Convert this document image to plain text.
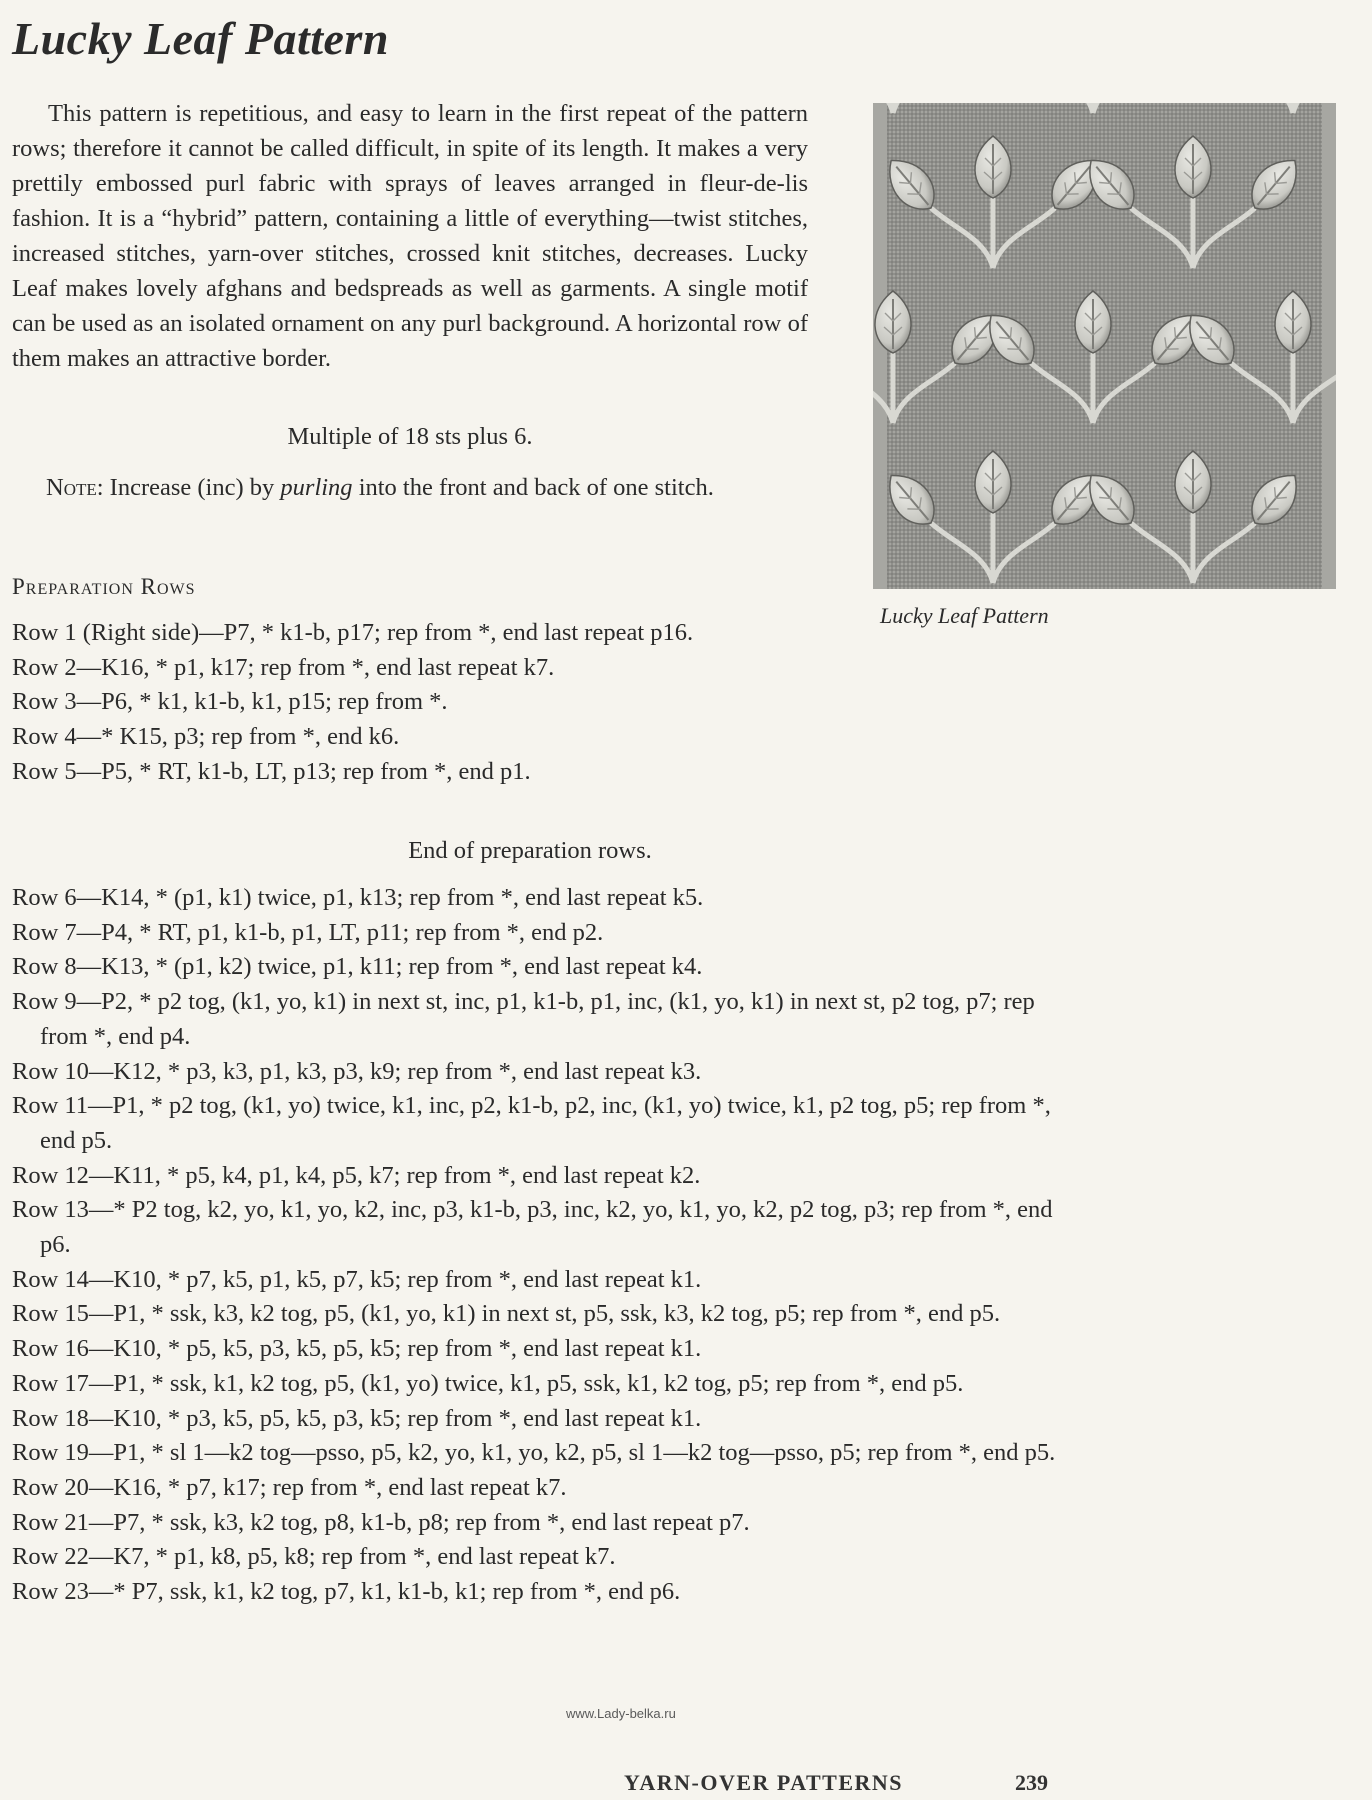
Lucky Leaf Pattern

This pattern is repetitious, and easy to learn in the first repeat of the pattern rows; therefore it cannot be called difficult, in spite of its length. It makes a very prettily embossed purl fabric with sprays of leaves arranged in fleur-de-lis fashion. It is a “hybrid” pattern, containing a little of everything—twist stitches, increased stitches, yarn-over stitches, crossed knit stitches, decreases. Lucky Leaf makes lovely afghans and bedspreads as well as garments. A single motif can be used as an isolated ornament on any purl background. A horizontal row of them makes an attractive border.

Multiple of 18 sts plus 6.

Note: Increase (inc) by purling into the front and back of one stitch.

Preparation Rows

Row 1 (Right side)—P7, * k1-b, p17; rep from *, end last repeat p16.
Row 2—K16, * p1, k17; rep from *, end last repeat k7.
Row 3—P6, * k1, k1-b, k1, p15; rep from *.
Row 4—* K15, p3; rep from *, end k6.
Row 5—P5, * RT, k1-b, LT, p13; rep from *, end p1.

End of preparation rows.

Row 6—K14, * (p1, k1) twice, p1, k13; rep from *, end last repeat k5.
Row 7—P4, * RT, p1, k1-b, p1, LT, p11; rep from *, end p2.
Row 8—K13, * (p1, k2) twice, p1, k11; rep from *, end last repeat k4.
Row 9—P2, * p2 tog, (k1, yo, k1) in next st, inc, p1, k1-b, p1, inc, (k1, yo, k1) in next st, p2 tog, p7; rep from *, end p4.
Row 10—K12, * p3, k3, p1, k3, p3, k9; rep from *, end last repeat k3.
Row 11—P1, * p2 tog, (k1, yo) twice, k1, inc, p2, k1-b, p2, inc, (k1, yo) twice, k1, p2 tog, p5; rep from *, end p5.
Row 12—K11, * p5, k4, p1, k4, p5, k7; rep from *, end last repeat k2.
Row 13—* P2 tog, k2, yo, k1, yo, k2, inc, p3, k1-b, p3, inc, k2, yo, k1, yo, k2, p2 tog, p3; rep from *, end p6.
Row 14—K10, * p7, k5, p1, k5, p7, k5; rep from *, end last repeat k1.
Row 15—P1, * ssk, k3, k2 tog, p5, (k1, yo, k1) in next st, p5, ssk, k3, k2 tog, p5; rep from *, end p5.
Row 16—K10, * p5, k5, p3, k5, p5, k5; rep from *, end last repeat k1.
Row 17—P1, * ssk, k1, k2 tog, p5, (k1, yo) twice, k1, p5, ssk, k1, k2 tog, p5; rep from *, end p5.
Row 18—K10, * p3, k5, p5, k5, p3, k5; rep from *, end last repeat k1.
Row 19—P1, * sl 1—k2 tog—psso, p5, k2, yo, k1, yo, k2, p5, sl 1—k2 tog—psso, p5; rep from *, end p5.
Row 20—K16, * p7, k17; rep from *, end last repeat k7.
Row 21—P7, * ssk, k3, k2 tog, p8, k1-b, p8; rep from *, end last repeat p7.
Row 22—K7, * p1, k8, p5, k8; rep from *, end last repeat k7.
Row 23—* P7, ssk, k1, k2 tog, p7, k1, k1-b, k1; rep from *, end p6.

Lucky Leaf Pattern

www.Lady-belka.ru
YARN-OVER PATTERNS	239
